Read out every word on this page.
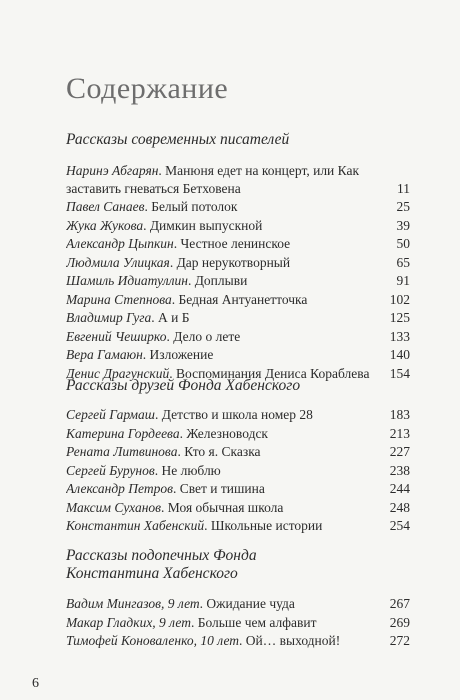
Содержание
Рассказы современных писателей
Наринэ Абгарян. Манюня едет на концерт, или Как заставить гневаться Бетховена	11
Павел Санаев. Белый потолок	25
Жука Жукова. Димкин выпускной	39
Александр Цыпкин. Честное ленинское	50
Людмила Улицкая. Дар нерукотворный	65
Шамиль Идиатуллин. Доплыви	91
Марина Степнова. Бедная Антуанетточка	102
Владимир Гуга. А и Б	125
Евгений Чеширко. Дело о лете	133
Вера Гамаюн. Изложение	140
Денис Драгунский. Воспоминания Дениса Кораблева	154
Рассказы друзей Фонда Хабенского
Сергей Гармаш. Детство и школа номер 28	183
Катерина Гордеева. Железноводск	213
Рената Литвинова. Кто я. Сказка	227
Сергей Бурунов. Не люблю	238
Александр Петров. Свет и тишина	244
Максим Суханов. Моя обычная школа	248
Константин Хабенский. Школьные истории	254
Рассказы подопечных Фонда Константина Хабенского
Вадим Мингазов, 9 лет. Ожидание чуда	267
Макар Гладких, 9 лет. Больше чем алфавит	269
Тимофей Коноваленко, 10 лет. Ой… выходной!	272
6
